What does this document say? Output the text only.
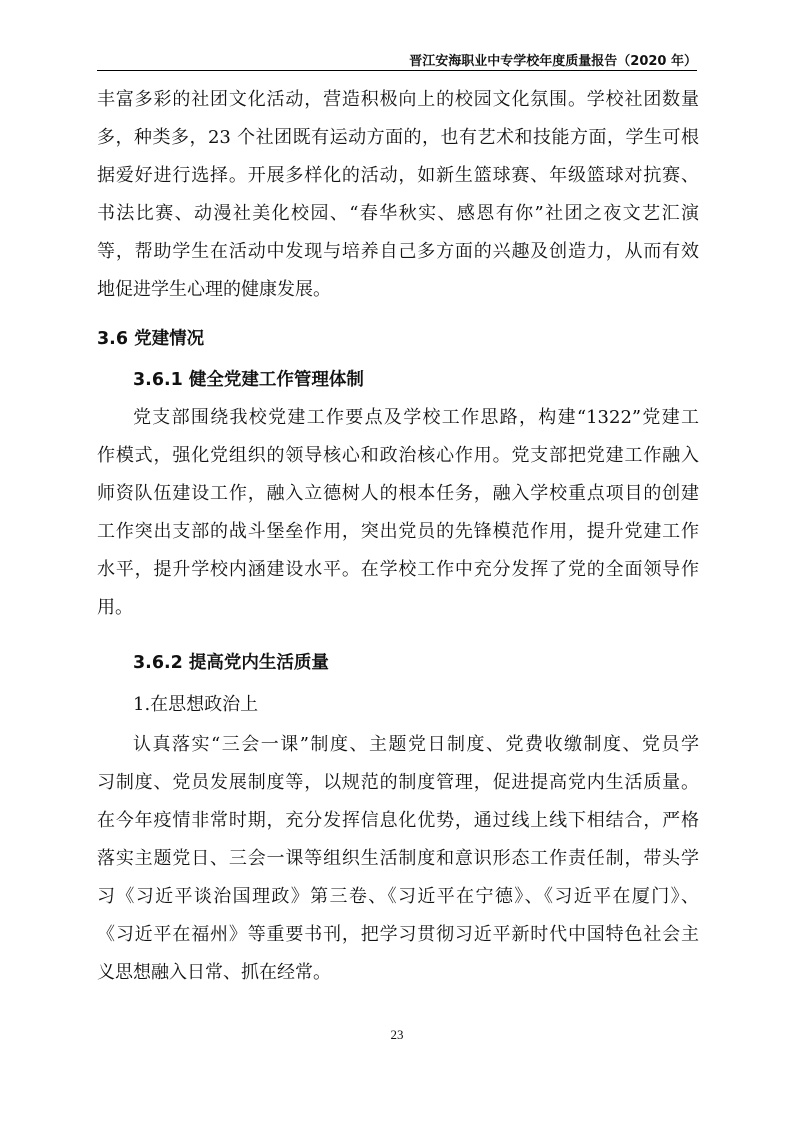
晋江安海职业中专学校年度质量报告（2020 年）
丰富多彩的社团文化活动，营造积极向上的校园文化氛围。学校社团数量
多，种类多，23 个社团既有运动方面的，也有艺术和技能方面，学生可根
据爱好进行选择。开展多样化的活动，如新生篮球赛、年级篮球对抗赛、
书法比赛、动漫社美化校园、“春华秋实、感恩有你”社团之夜文艺汇演
等，帮助学生在活动中发现与培养自己多方面的兴趣及创造力，从而有效
地促进学生心理的健康发展。
3.6 党建情况
3.6.1 健全党建工作管理体制
党支部围绕我校党建工作要点及学校工作思路，构建“1322”党建工
作模式，强化党组织的领导核心和政治核心作用。党支部把党建工作融入
师资队伍建设工作，融入立德树人的根本任务，融入学校重点项目的创建
工作突出支部的战斗堡垒作用，突出党员的先锋模范作用，提升党建工作
水平，提升学校内涵建设水平。在学校工作中充分发挥了党的全面领导作
用。
3.6.2 提高党内生活质量
1.在思想政治上
认真落实“三会一课”制度、主题党日制度、党费收缴制度、党员学
习制度、党员发展制度等，以规范的制度管理，促进提高党内生活质量。
在今年疫情非常时期，充分发挥信息化优势，通过线上线下相结合，严格
落实主题党日、三会一课等组织生活制度和意识形态工作责任制，带头学
习《习近平谈治国理政》第三卷、《习近平在宁德》、《习近平在厦门》、
《习近平在福州》等重要书刊，把学习贯彻习近平新时代中国特色社会主
义思想融入日常、抓在经常。
23
